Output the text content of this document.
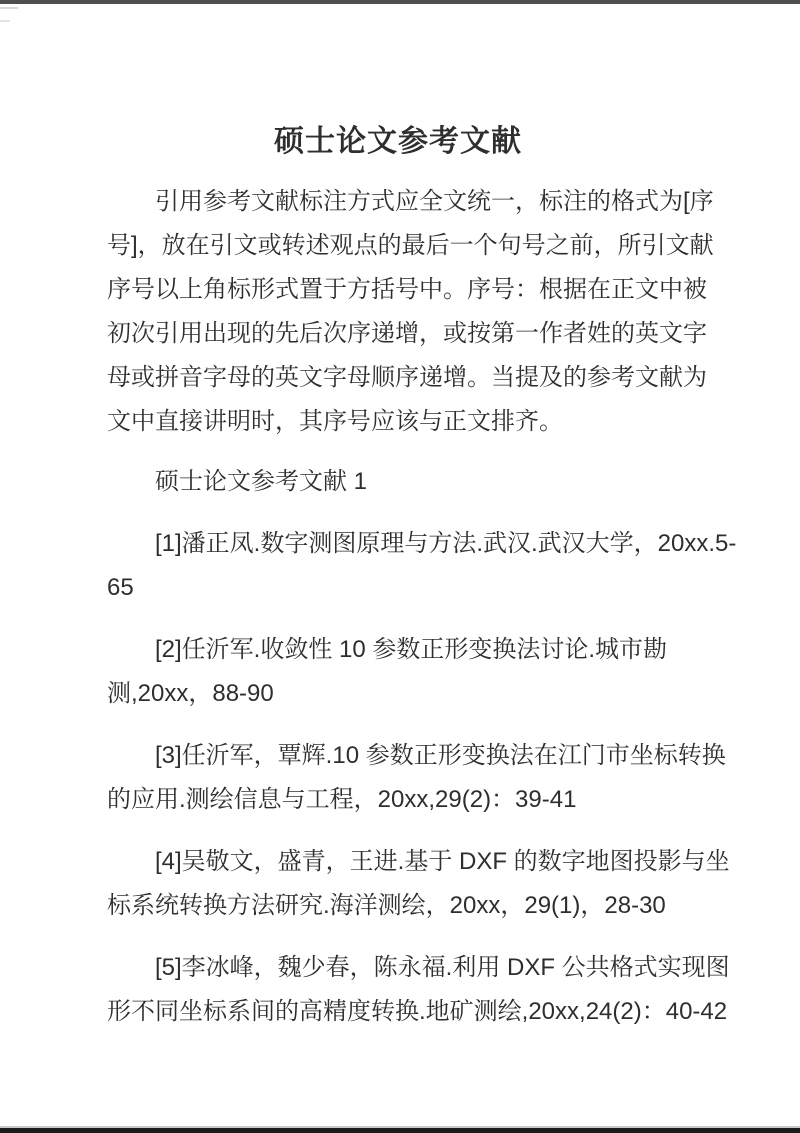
硕士论文参考文献
引用参考文献标注方式应全文统一，标注的格式为[序
号]，放在引文或转述观点的最后一个句号之前，所引文献
序号以上角标形式置于方括号中。序号：根据在正文中被
初次引用出现的先后次序递增，或按第一作者姓的英文字
母或拼音字母的英文字母顺序递增。当提及的参考文献为
文中直接讲明时，其序号应该与正文排齐。
硕士论文参考文献 1
[1]潘正凤.数字测图原理与方法.武汉.武汉大学，20xx.5-
65
[2]任沂军.收敛性 10 参数正形变换法讨论.城市勘
测,20xx，88-90
[3]任沂军，覃辉.10 参数正形变换法在江门市坐标转换
的应用.测绘信息与工程，20xx,29(2)：39-41
[4]吴敬文，盛青，王进.基于 DXF 的数字地图投影与坐
标系统转换方法研究.海洋测绘，20xx，29(1)，28-30
[5]李冰峰，魏少春，陈永福.利用 DXF 公共格式实现图
形不同坐标系间的高精度转换.地矿测绘,20xx,24(2)：40-42
